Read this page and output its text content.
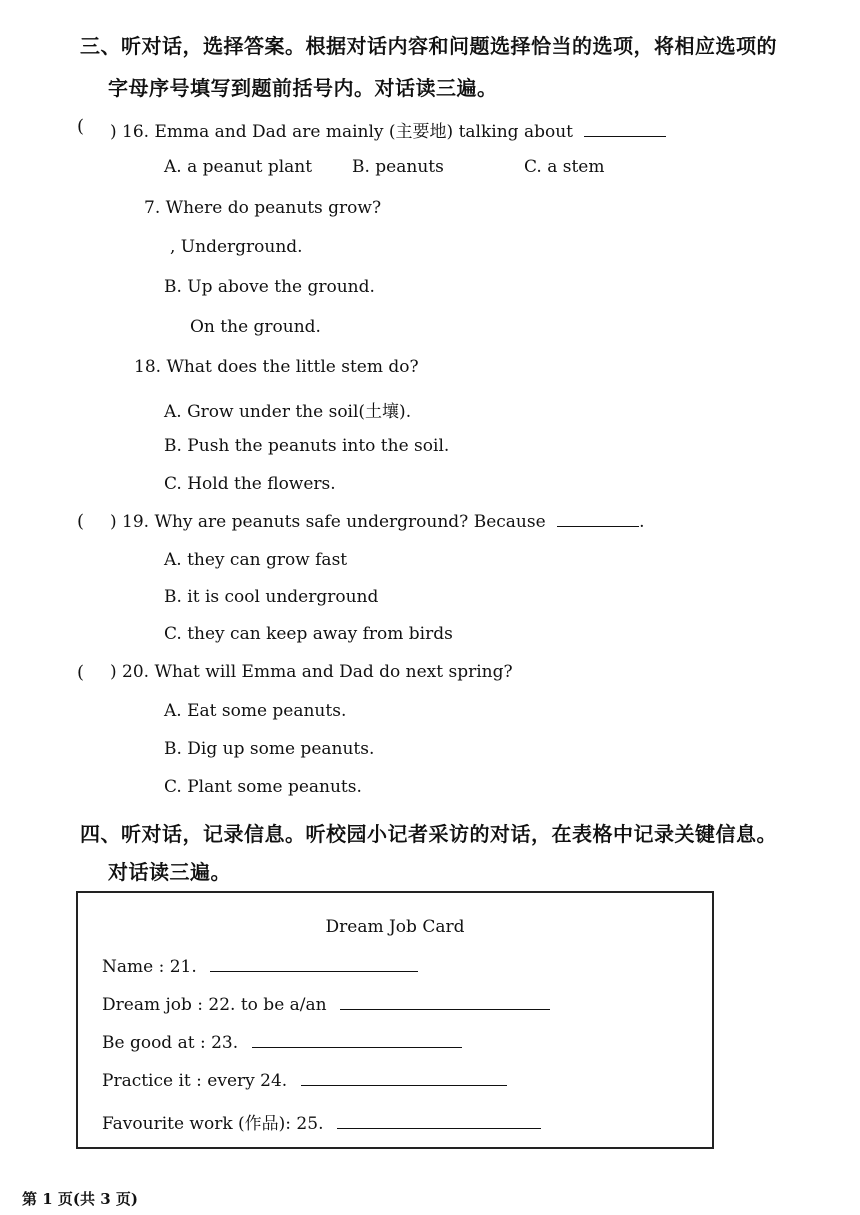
三、听对话，选择答案。根据对话内容和问题选择恰当的选项，将相应选项的
字母序号填写到题前括号内。对话读三遍。
( ) 16. Emma and Dad are mainly (主要地) talking about
A. a peanut plant B. peanuts	C. a stem
7. Where do peanuts grow?
, Underground.
B. Up above the ground.
On the ground.
18. What does the little stem do?
A. Grow under the soil(土壤).
B. Push the peanuts into the soil.
C. Hold the flowers.
( ) 19. Why are peanuts safe underground? Because	.
A. they can grow fast
B. it is cool underground
C. they can keep away from birds
( ) 20. What will Emma and Dad do next spring?
A. Eat some peanuts.
B. Dig up some peanuts.
C. Plant some peanuts.
四、听对话，记录信息。听校园小记者采访的对话，在表格中记录关键信息。
对话读三遍。
Dream Job Card
Name : 21.
Dream job : 22. to be a/an
Be good at : 23.
Practice it : every 24.
Favourite work (作品): 25.
第 1 页(共 3 页)
